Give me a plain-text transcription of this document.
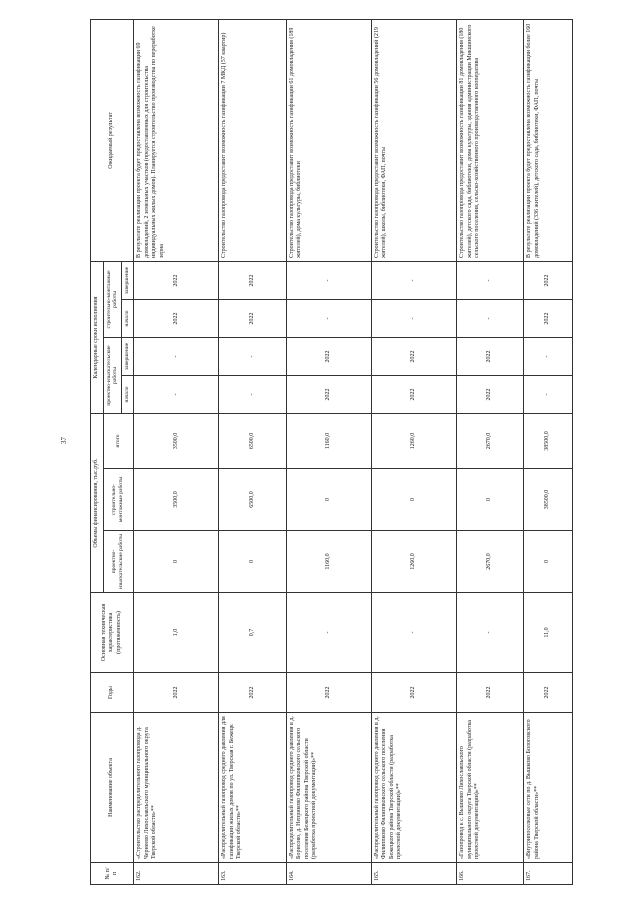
37
№ п/п	Наименование объекта	Годы	Основная техническая характеристика (протяженность)	Объемы финансирования, тыс.руб.			Календарные сроки исполнения				Ожидаемый результат
				проектно-изыскательские работы	строительно-монтажные работы	итого	проектно-изыскательские работы		строительно-монтажные работы		
							начало	завершение	начало	завершение	
162.	«Строительство распределительного газопровода д. Чернеево Лихославльского муниципального округа Тверской области»**	2022	1,0	0	3500,0	3500,0	-	-	2022	2022	В результате реализации проекта будет предоставлена возможность газификации 69 домовладений, 2 земельных участков (предоставленных для строительства индивидуальных жилых домов). Планируется строительство производства по переработке зерна
163.	«Распределительный газопровод среднего давления для газификации жилых домов по ул. Тверская г. Бежецк Тверской области»**	2022	0,7	0	6500,0	6500,0	-	-	2022	2022	Строительство газопровода предоставит возможность газификации 7 МКД (57 квартир)
164.	«Распределительный газопровод среднего давления в д. Борисово, д. Неприково Филиппковского сельского поселения Бежецкого района Тверской области (разработка проектной документации)»**	2022	-	1160,0	0	1160,0	2022	2022	-	-	Строительство газопровода предоставит возможность газификации 61 домовладения (189 жителей), дома культуры, библиотеки
165.	«Распределительный газопровод среднего давления в д. Филиппково Филиппковского сельского поселения Бежецкого района Тверской области (разработка проектной документации)»**	2022	-	1260,0	0	1260,0	2022	2022	-	-	Строительство газопровода предоставит возможность газификации 56 домовладений (219 жителей), школы, библиотеки, ФАП, почты
166.	«Газопровод к с. Вышково Лихославльского муниципального округа Тверской области (разработка проектной документации)»**	2022	-	2670,0	0	2670,0	2022	2022	-	-	Строительство газопровода предоставит возможность газификации 81 домовладения (180 жителей), детского сада, библиотеки, дома культуры, здания администрации Микшинского сельского поселения, сельско-хозяйственного производственного кооператива
167.	«Внутрипоселковые сети по д. Вышково Бологовского района Тверской области»**	2022	11,0	0	38500,0	38500,0	-	-	2022	2022	В результате реализации проекта будет предоставлена возможность газификации более 160 домовладений (336 жителей), детского сада, библиотеки, ФАП, почты
